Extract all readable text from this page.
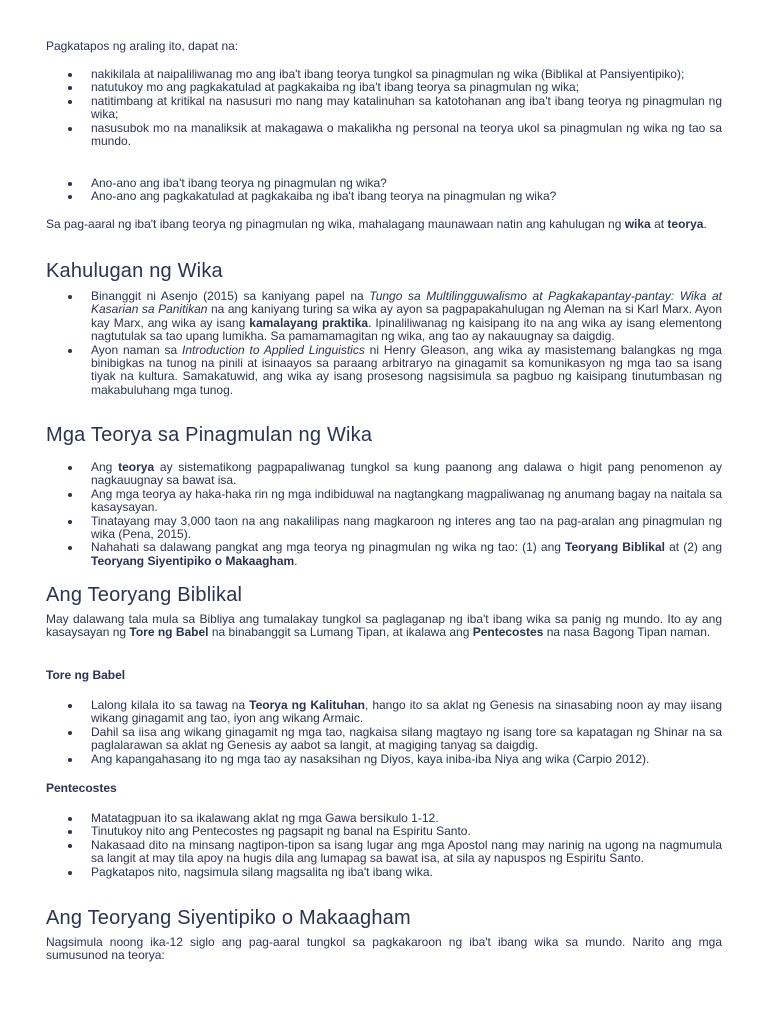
Pagkatapos ng araling ito, dapat na:

nakikilala at naipaliliwanag mo ang iba't ibang teorya tungkol sa pinagmulan ng wika (Biblikal at Pansiyentipiko);
natutukoy mo ang pagkakatulad at pagkakaiba ng iba't ibang teorya sa pinagmulan ng wika;
natitimbang at kritikal na nasusuri mo nang may katalinuhan sa katotohanan ang iba't ibang teorya ng pinagmulan ng wika;
nasusubok mo na manaliksik at makagawa o makalikha ng personal na teorya ukol sa pinagmulan ng wika ng tao sa mundo.
Ano-ano ang iba't ibang teorya ng pinagmulan ng wika?
Ano-ano ang pagkakatulad at pagkakaiba ng iba't ibang teorya na pinagmulan ng wika?

Sa pag-aaral ng iba't ibang teorya ng pinagmulan ng wika, mahalagang maunawaan natin ang kahulugan ng wika at teorya.

Kahulugan ng Wika
Binanggit ni Asenjo (2015) sa kaniyang papel na Tungo sa Multilingguwalismo at Pagkakapantay-pantay: Wika at Kasarian sa Panitikan na ang kaniyang turing sa wika ay ayon sa pagpapakahulugan ng Aleman na si Karl Marx. Ayon kay Marx, ang wika ay isang kamalayang praktika. Ipinaliliwanag ng kaisipang ito na ang wika ay isang elementong nagtutulak sa tao upang lumikha. Sa pamamamagitan ng wika, ang tao ay nakauugnay sa daigdig.
Ayon naman sa Introduction to Applied Linguistics ni Henry Gleason, ang wika ay masistemang balangkas ng mga binibigkas na tunog na pinili at isinaayos sa paraang arbitraryo na ginagamit sa komunikasyon ng mga tao sa isang tiyak na kultura. Samakatuwid, ang wika ay isang prosesong nagsisimula sa pagbuo ng kaisipang tinutumbasan ng makabuluhang mga tunog.
Mga Teorya sa Pinagmulan ng Wika
Ang teorya ay sistematikong pagpapaliwanag tungkol sa kung paanong ang dalawa o higit pang penomenon ay nagkauugnay sa bawat isa.
Ang mga teorya ay haka-haka rin ng mga indibiduwal na nagtangkang magpaliwanag ng anumang bagay na naitala sa kasaysayan.
Tinatayang may 3,000 taon na ang nakalilipas nang magkaroon ng interes ang tao na pag-aralan ang pinagmulan ng wika (Pena, 2015).
Nahahati sa dalawang pangkat ang mga teorya ng pinagmulan ng wika ng tao: (1) ang Teoryang Biblikal at (2) ang Teoryang Siyentipiko o Makaagham.
Ang Teoryang Biblikal

May dalawang tala mula sa Bibliya ang tumalakay tungkol sa paglaganap ng iba't ibang wika sa panig ng mundo. Ito ay ang kasaysayan ng Tore ng Babel na binabanggit sa Lumang Tipan, at ikalawa ang Pentecostes na nasa Bagong Tipan naman.

Tore ng Babel
Lalong kilala ito sa tawag na Teorya ng Kalituhan, hango ito sa aklat ng Genesis na sinasabing noon ay may iisang wikang ginagamit ang tao, iyon ang wikang Armaic.
Dahil sa iisa ang wikang ginagamit ng mga tao, nagkaisa silang magtayo ng isang tore sa kapatagan ng Shinar na sa paglalarawan sa aklat ng Genesis ay aabot sa langit, at magiging tanyag sa daigdig.
Ang kapangahasang ito ng mga tao ay nasaksihan ng Diyos, kaya iniba-iba Niya ang wika (Carpio 2012).
Pentecostes
Matatagpuan ito sa ikalawang aklat ng mga Gawa bersikulo 1-12.
Tinutukoy nito ang Pentecostes ng pagsapit ng banal na Espiritu Santo.
Nakasaad dito na minsang nagtipon-tipon sa isang lugar ang mga Apostol nang may narinig na ugong na nagmumula sa langit at may tila apoy na hugis dila ang lumapag sa bawat isa, at sila ay napuspos ng Espiritu Santo.
Pagkatapos nito, nagsimula silang magsalita ng iba't ibang wika.
Ang Teoryang Siyentipiko o Makaagham

Nagsimula noong ika-12 siglo ang pag-aaral tungkol sa pagkakaroon ng iba't ibang wika sa mundo. Narito ang mga sumusunod na teorya:
